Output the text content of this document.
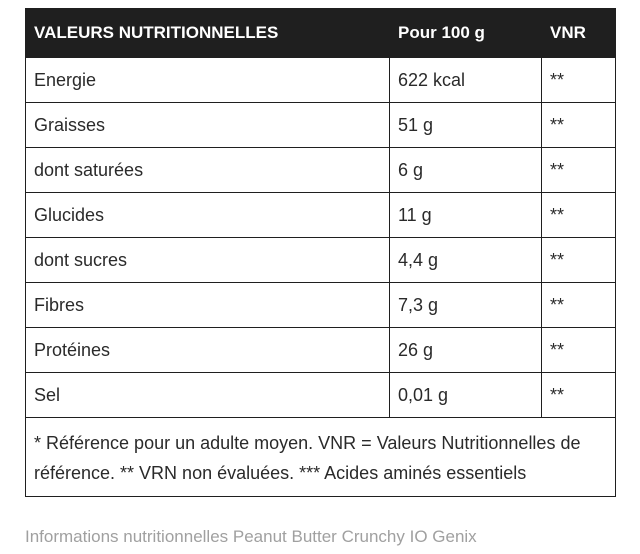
VALEURS NUTRITIONNELLES	Pour 100 g	VNR
Energie	622 kcal	**
Graisses	51 g	**
dont saturées	6 g	**
Glucides	11 g	**
dont sucres	4,4 g	**
Fibres	7,3 g	**
Protéines	26 g	**
Sel	0,01 g	**
* Référence pour un adulte moyen. VNR = Valeurs Nutritionnelles de référence. ** VRN non évaluées. *** Acides aminés essentiels		
Informations nutritionnelles Peanut Butter Crunchy IO Genix
